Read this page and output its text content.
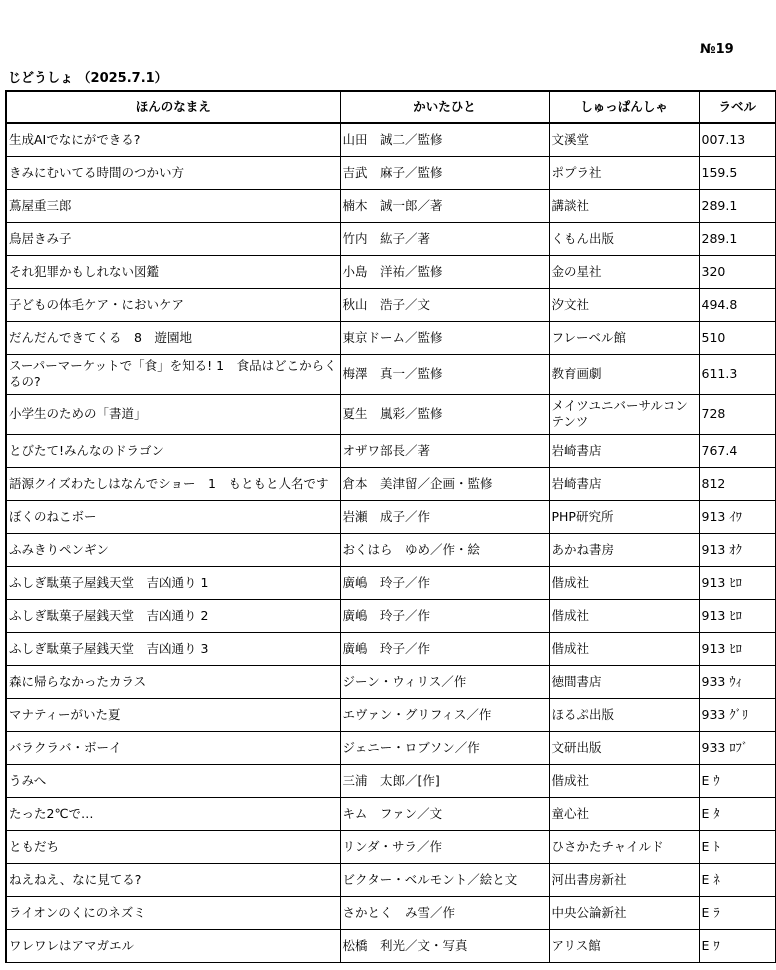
№19
じどうしょ （2025.7.1）
ほんのなまえ	かいたひと	しゅっぱんしゃ	ラベル
生成AIでなにができる?	山田　誠二／監修	文溪堂	007.13
きみにむいてる時間のつかい方	吉武　麻子／監修	ポプラ社	159.5
蔦屋重三郎	楠木　誠一郎／著	講談社	289.1
鳥居きみ子	竹内　紘子／著	くもん出版	289.1
それ犯罪かもしれない図鑑	小島　洋祐／監修	金の星社	320
子どもの体毛ケア・においケア	秋山　浩子／文	汐文社	494.8
だんだんできてくる　8　遊園地	東京ドーム／監修	フレーベル館	510
スーパーマーケットで「食」を知る! 1　食品はどこからくるの?	梅澤　真一／監修	教育画劇	611.3
小学生のための「書道」	夏生　嵐彩／監修	メイツユニバーサルコンテンツ	728
とびたて!みんなのドラゴン	オザワ部長／著	岩崎書店	767.4
語源クイズわたしはなんでショー　1　もともと人名です	倉本　美津留／企画・監修	岩崎書店	812
ぼくのねこボー	岩瀬　成子／作	PHP研究所	913 ｲﾜ
ふみきりペンギン	おくはら　ゆめ／作・絵	あかね書房	913 ｵｸ
ふしぎ駄菓子屋銭天堂　吉凶通り 1	廣嶋　玲子／作	偕成社	913 ﾋﾛ
ふしぎ駄菓子屋銭天堂　吉凶通り 2	廣嶋　玲子／作	偕成社	913 ﾋﾛ
ふしぎ駄菓子屋銭天堂　吉凶通り 3	廣嶋　玲子／作	偕成社	913 ﾋﾛ
森に帰らなかったカラス	ジーン・ウィリス／作	徳間書店	933 ｳｨ
マナティーがいた夏	エヴァン・グリフィス／作	ほるぷ出版	933 ｸﾞﾘ
バラクラバ・ボーイ	ジェニー・ロブソン／作	文研出版	933 ﾛﾌﾞ
うみへ	三浦　太郎／[作]	偕成社	E ｳ
たった2℃で…	キム　ファン／文	童心社	E ﾀ
ともだち	リンダ・サラ／作	ひさかたチャイルド	E ﾄ
ねえねえ、なに見てる?	ビクター・ベルモント／絵と文	河出書房新社	E ﾈ
ライオンのくにのネズミ	さかとく　み雪／作	中央公論新社	E ﾗ
ワレワレはアマガエル	松橋　利光／文・写真	アリス館	E ﾜ
